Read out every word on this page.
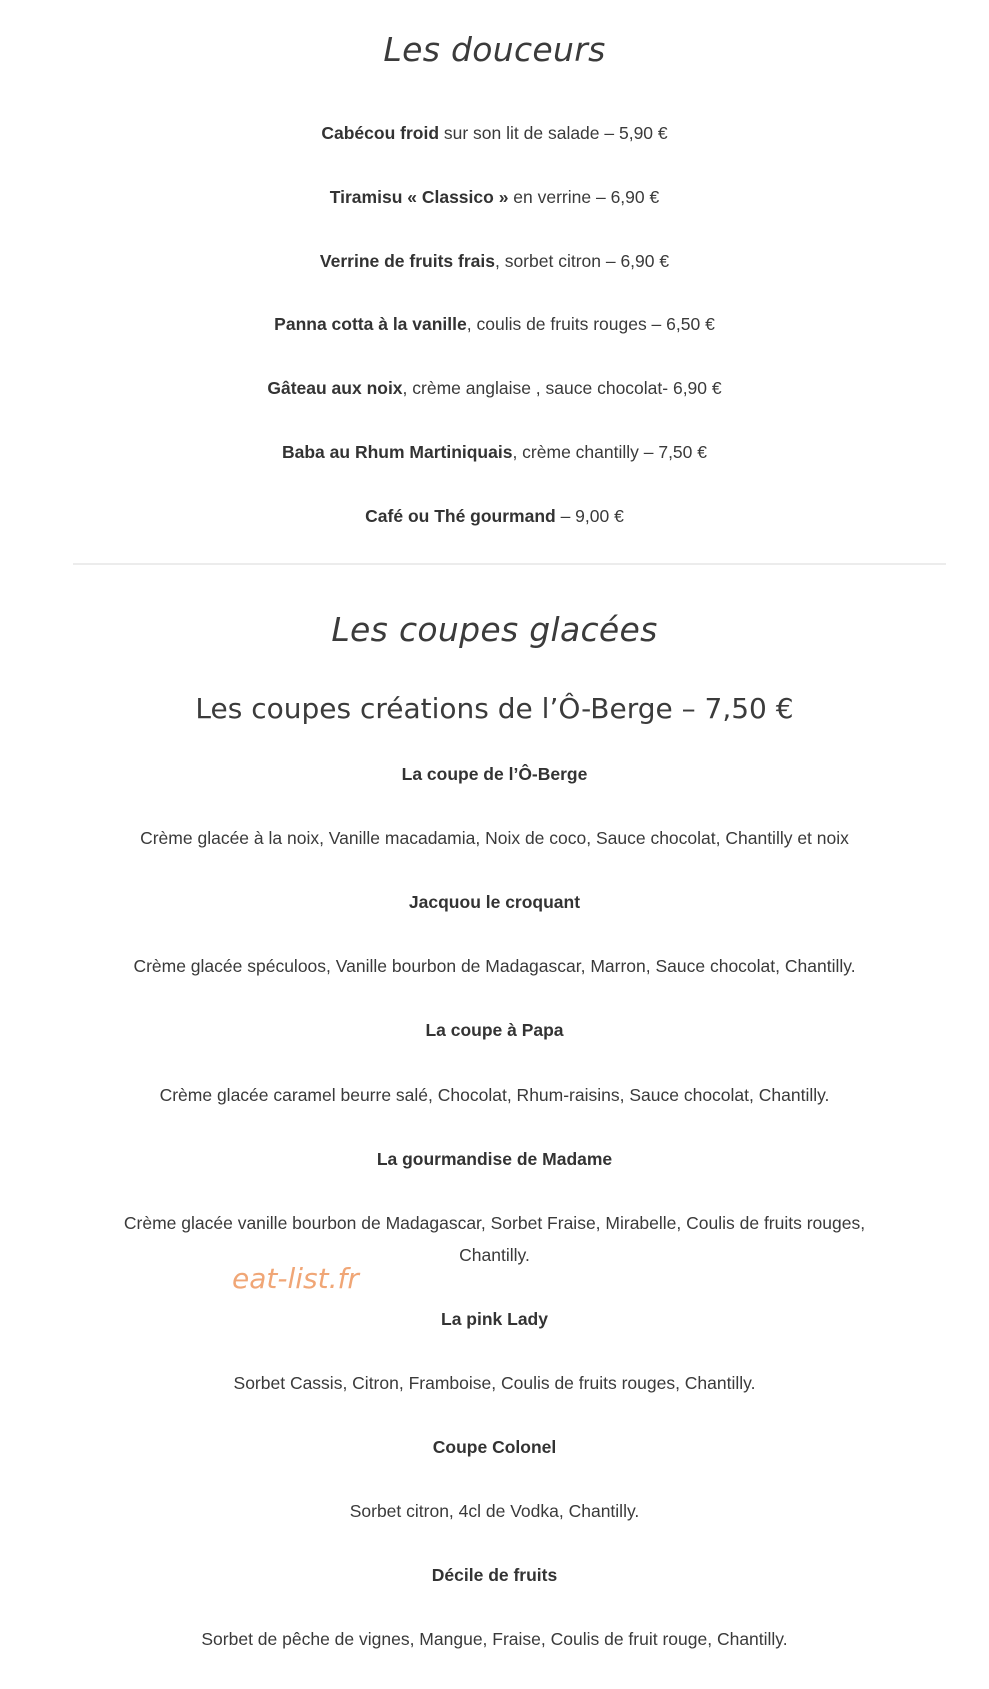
Les douceurs
Cabécou froid sur son lit de salade – 5,90 €
Tiramisu « Classico » en verrine – 6,90 €
Verrine de fruits frais, sorbet citron – 6,90 €
Panna cotta à la vanille, coulis de fruits rouges – 6,50 €
Gâteau aux noix, crème anglaise , sauce chocolat- 6,90 €
Baba au Rhum Martiniquais, crème chantilly – 7,50 €
Café ou Thé gourmand – 9,00 €
Les coupes glacées
Les coupes créations de l’Ô-Berge – 7,50 €
La coupe de l’Ô-Berge
Crème glacée à la noix, Vanille macadamia, Noix de coco, Sauce chocolat, Chantilly et noix
Jacquou le croquant
Crème glacée spéculoos, Vanille bourbon de Madagascar, Marron, Sauce chocolat, Chantilly.
La coupe à Papa
Crème glacée caramel beurre salé, Chocolat, Rhum-raisins, Sauce chocolat, Chantilly.
La gourmandise de Madame
Crème glacée vanille bourbon de Madagascar, Sorbet Fraise, Mirabelle, Coulis de fruits rouges, Chantilly.
eat-list.fr
La pink Lady
Sorbet Cassis, Citron, Framboise, Coulis de fruits rouges, Chantilly.
Coupe Colonel
Sorbet citron, 4cl de Vodka, Chantilly.
Décile de fruits
Sorbet de pêche de vignes, Mangue, Fraise, Coulis de fruit rouge, Chantilly.
